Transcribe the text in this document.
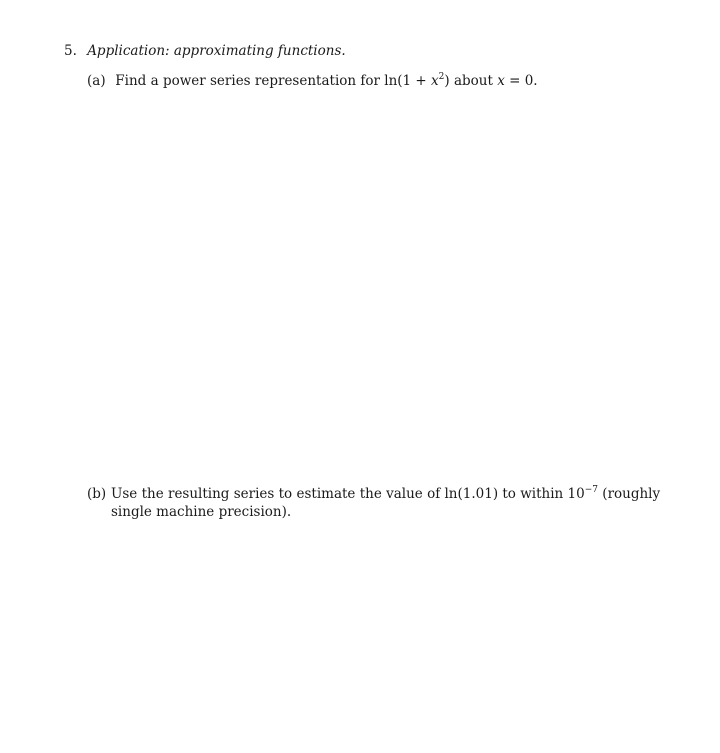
5. Application: approximating functions.
(a) Find a power series representation for $\ln(1 + x^2)$ about x = 0.
(b) Use the resulting series to estimate the value of ln(1.01) to within $10^{-7}$ (roughly single machine precision).
